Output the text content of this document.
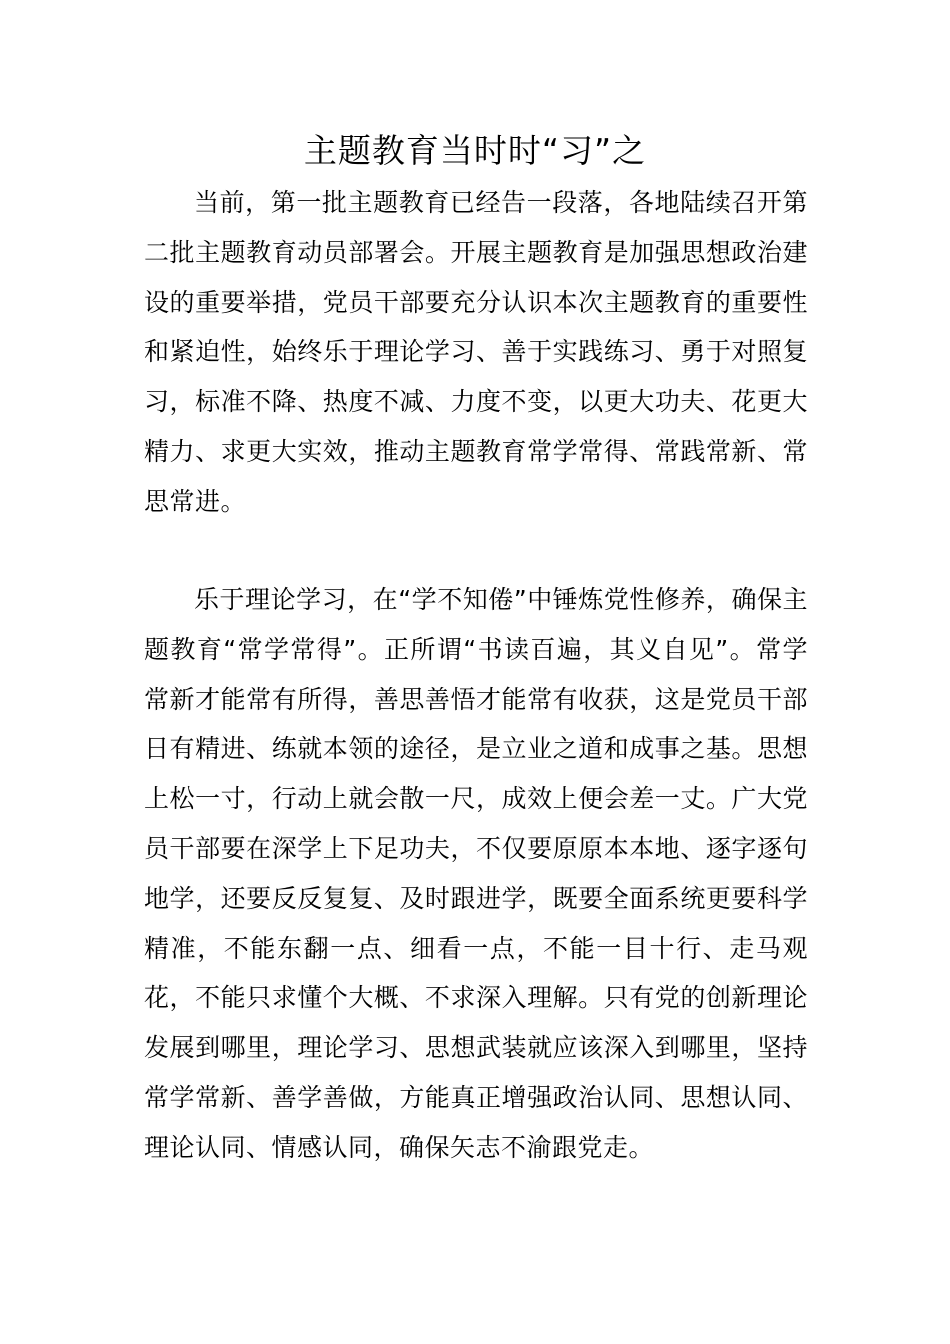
主题教育当时时“习”之

当前，第一批主题教育已经告一段落，各地陆续召开第二批主题教育动员部署会。开展主题教育是加强思想政治建设的重要举措，党员干部要充分认识本次主题教育的重要性和紧迫性，始终乐于理论学习、善于实践练习、勇于对照复习，标准不降、热度不减、力度不变，以更大功夫、花更大精力、求更大实效，推动主题教育常学常得、常践常新、常思常进。

乐于理论学习，在“学不知倦”中锤炼党性修养，确保主题教育“常学常得”。正所谓“书读百遍，其义自见”。常学常新才能常有所得，善思善悟才能常有收获，这是党员干部日有精进、练就本领的途径，是立业之道和成事之基。思想上松一寸，行动上就会散一尺，成效上便会差一丈。广大党员干部要在深学上下足功夫，不仅要原原本本地、逐字逐句地学，还要反反复复、及时跟进学，既要全面系统更要科学精准，不能东翻一点、细看一点，不能一目十行、走马观花，不能只求懂个大概、不求深入理解。只有党的创新理论发展到哪里，理论学习、思想武装就应该深入到哪里，坚持常学常新、善学善做，方能真正增强政治认同、思想认同、理论认同、情感认同，确保矢志不渝跟党走。
